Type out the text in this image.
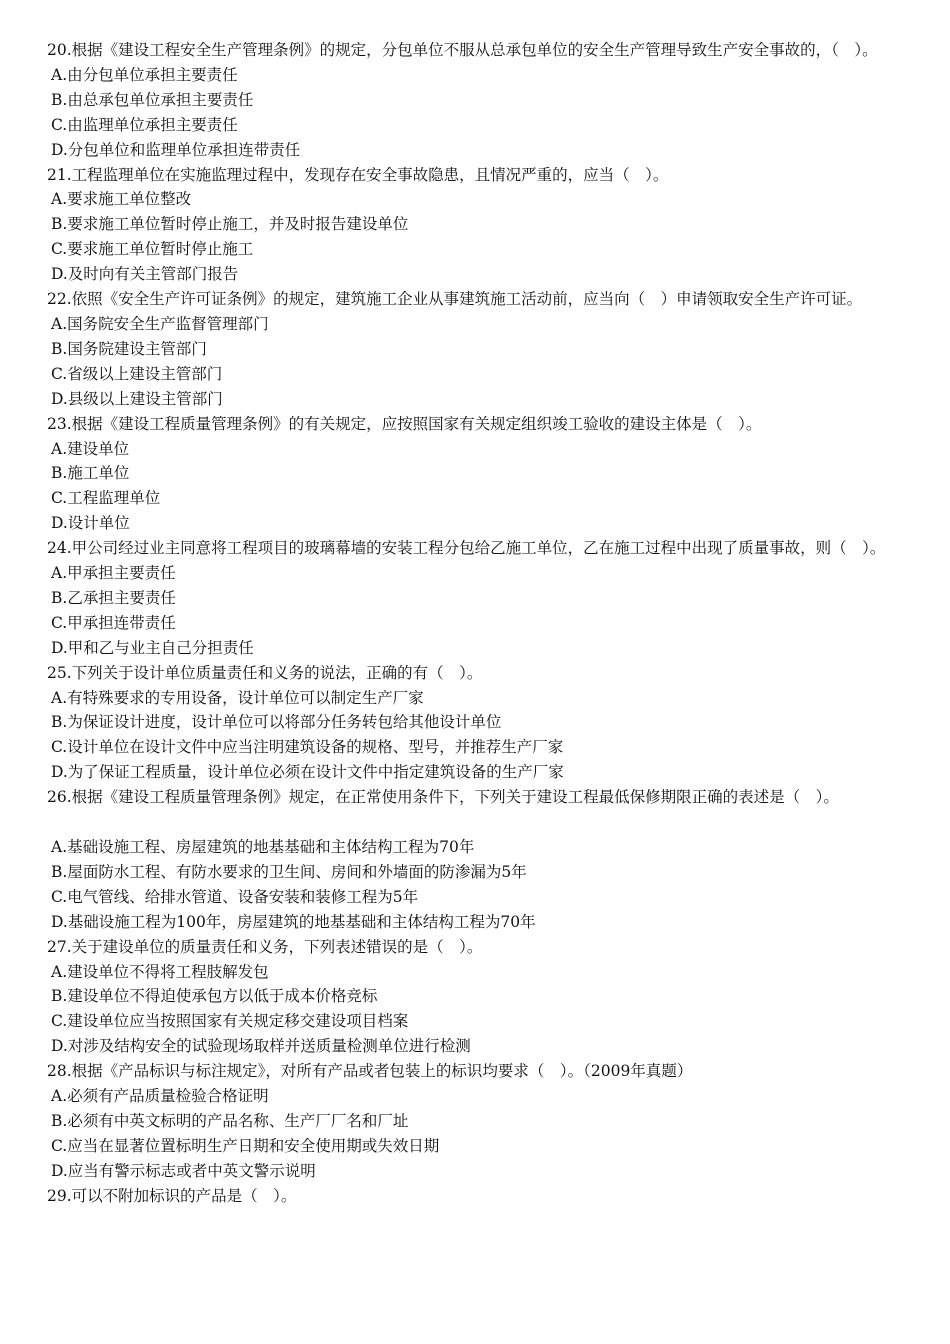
20.根据《建设工程安全生产管理条例》的规定，分包单位不服从总承包单位的安全生产管理导致生产安全事故的，（　）。

A.由分包单位承担主要责任

B.由总承包单位承担主要责任

C.由监理单位承担主要责任

D.分包单位和监理单位承担连带责任

21.工程监理单位在实施监理过程中，发现存在安全事故隐患，且情况严重的，应当（　）。

A.要求施工单位整改

B.要求施工单位暂时停止施工，并及时报告建设单位

C.要求施工单位暂时停止施工

D.及时向有关主管部门报告

22.依照《安全生产许可证条例》的规定，建筑施工企业从事建筑施工活动前，应当向（　）申请领取安全生产许可证。

A.国务院安全生产监督管理部门

B.国务院建设主管部门

C.省级以上建设主管部门

D.县级以上建设主管部门

23.根据《建设工程质量管理条例》的有关规定，应按照国家有关规定组织竣工验收的建设主体是（　）。

A.建设单位

B.施工单位

C.工程监理单位

D.设计单位

24.甲公司经过业主同意将工程项目的玻璃幕墙的安装工程分包给乙施工单位，乙在施工过程中出现了质量事故，则（　）。

A.甲承担主要责任

B.乙承担主要责任

C.甲承担连带责任

D.甲和乙与业主自己分担责任

25.下列关于设计单位质量责任和义务的说法，正确的有（　）。

A.有特殊要求的专用设备，设计单位可以制定生产厂家

B.为保证设计进度，设计单位可以将部分任务转包给其他设计单位

C.设计单位在设计文件中应当注明建筑设备的规格、型号，并推荐生产厂家

D.为了保证工程质量，设计单位必须在设计文件中指定建筑设备的生产厂家

26.根据《建设工程质量管理条例》规定，在正常使用条件下，下列关于建设工程最低保修期限正确的表述是（　）。

A.基础设施工程、房屋建筑的地基基础和主体结构工程为70年

B.屋面防水工程、有防水要求的卫生间、房间和外墙面的防渗漏为5年

C.电气管线、给排水管道、设备安装和装修工程为5年

D.基础设施工程为100年，房屋建筑的地基基础和主体结构工程为70年

27.关于建设单位的质量责任和义务，下列表述错误的是（　）。

A.建设单位不得将工程肢解发包

B.建设单位不得迫使承包方以低于成本价格竞标

C.建设单位应当按照国家有关规定移交建设项目档案

D.对涉及结构安全的试验现场取样并送质量检测单位进行检测

28.根据《产品标识与标注规定》，对所有产品或者包装上的标识均要求（　）。（2009年真题）

A.必须有产品质量检验合格证明

B.必须有中英文标明的产品名称、生产厂厂名和厂址

C.应当在显著位置标明生产日期和安全使用期或失效日期

D.应当有警示标志或者中英文警示说明

29.可以不附加标识的产品是（　）。
